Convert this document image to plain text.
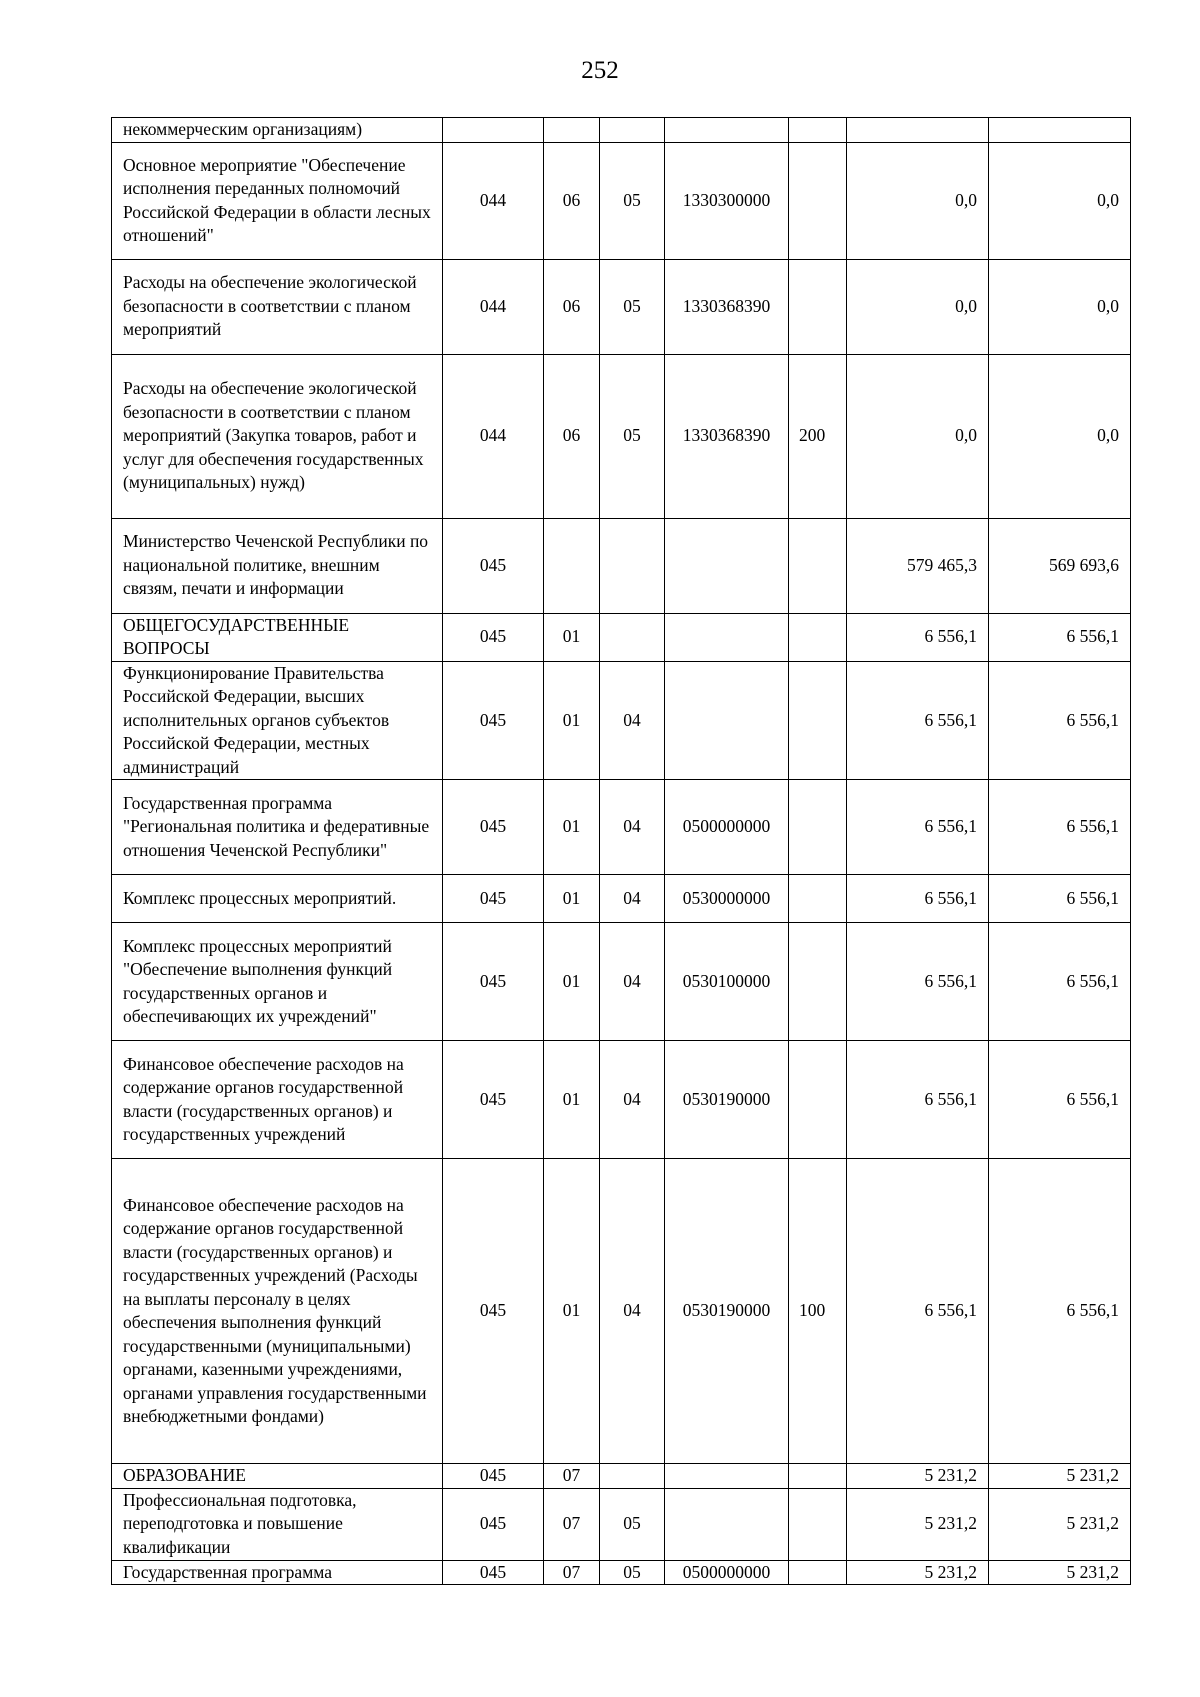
252
некоммерческим организациям)							
Основное мероприятие "Обеспечение исполнения переданных полномочий Российской Федерации в области лесных отношений"	044	06	05	1330300000		0,0	0,0
Расходы на обеспечение экологической безопасности в соответствии с планом мероприятий	044	06	05	1330368390		0,0	0,0
Расходы на обеспечение экологической безопасности в соответствии с планом мероприятий (Закупка товаров, работ и услуг для обеспечения государственных (муниципальных) нужд)	044	06	05	1330368390	200	0,0	0,0
Министерство Чеченской Республики по национальной политике, внешним связям, печати и информации	045					579 465,3	569 693,6
ОБЩЕГОСУДАРСТВЕННЫЕ ВОПРОСЫ	045	01				6 556,1	6 556,1
Функционирование Правительства Российской Федерации, высших исполнительных органов субъектов Российской Федерации, местных администраций	045	01	04			6 556,1	6 556,1
Государственная программа "Региональная политика и федеративные отношения Чеченской Республики"	045	01	04	0500000000		6 556,1	6 556,1
Комплекс процессных мероприятий.	045	01	04	0530000000		6 556,1	6 556,1
Комплекс процессных мероприятий "Обеспечение выполнения функций государственных органов и обеспечивающих их учреждений"	045	01	04	0530100000		6 556,1	6 556,1
Финансовое обеспечение расходов на содержание органов государственной власти (государственных органов) и государственных учреждений	045	01	04	0530190000		6 556,1	6 556,1
Финансовое обеспечение расходов на содержание органов государственной власти (государственных органов) и государственных учреждений (Расходы на выплаты персоналу в целях обеспечения выполнения функций государственными (муниципальными) органами, казенными учреждениями, органами управления государственными внебюджетными фондами)	045	01	04	0530190000	100	6 556,1	6 556,1
ОБРАЗОВАНИЕ	045	07				5 231,2	5 231,2
Профессиональная подготовка, переподготовка и повышение квалификации	045	07	05			5 231,2	5 231,2
Государственная программа	045	07	05	0500000000		5 231,2	5 231,2
